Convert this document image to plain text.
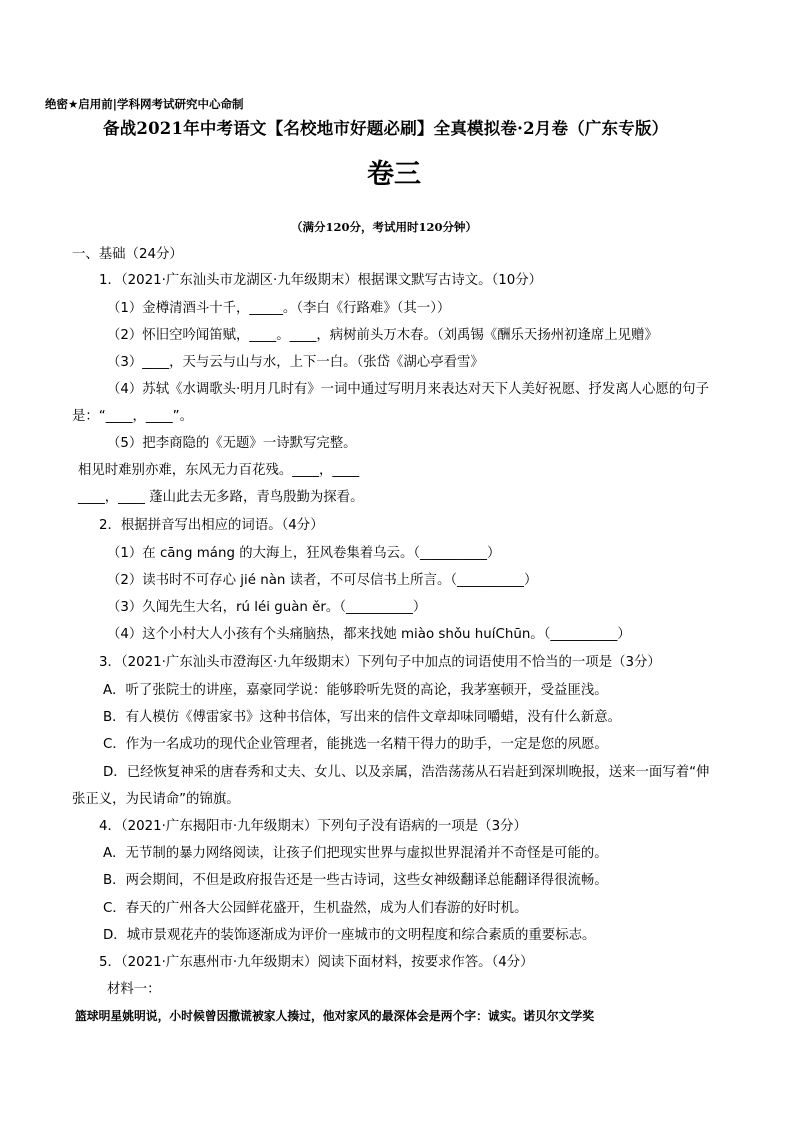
绝密★启用前|学科网考试研究中心命制
备战2021年中考语文【名校地市好题必刷】全真模拟卷·2月卷（广东专版）
卷三
（满分120分，考试用时120分钟）
一、基础（24分）
1．（2021·广东汕头市龙湖区·九年级期末）根据课文默写古诗文。（10分）
（1）金樽清酒斗十千，_____。（李白《行路难》（其一））
（2）怀旧空吟闻笛赋，____。____，病树前头万木春。（刘禹锡《酬乐天扬州初逢席上见赠》
（3）____，天与云与山与水，上下一白。（张岱《湖心亭看雪》
（4）苏轼《水调歌头·明月几时有》一词中通过写明月来表达对天下人美好祝愿、抒发离人心愿的句子
是：“____，____”。
（5）把李商隐的《无题》一诗默写完整。
相见时难别亦难，东风无力百花残。____，____
____，____ 蓬山此去无多路，青鸟殷勤为探看。
2．根据拼音写出相应的词语。（4分）
（1）在 cāng máng 的大海上，狂风卷集着乌云。（__________）
（2）读书时不可存心 jié nàn 读者，不可尽信书上所言。（__________）
（3）久闻先生大名，rú léi guàn ěr。（__________）
（4）这个小村大人小孩有个头痛脑热，都来找她 miào shǒu huíChūn。（__________）
3．（2021·广东汕头市澄海区·九年级期末）下列句子中加点的词语使用不恰当的一项是（3分）
A．听了张院士的讲座，嘉豪同学说：能够聆听先贤的高论，我茅塞顿开，受益匪浅。
B．有人模仿《傅雷家书》这种书信体，写出来的信件文章却味同嚼蜡，没有什么新意。
C．作为一名成功的现代企业管理者，能挑选一名精干得力的助手，一定是您的夙愿。
D．已经恢复神采的唐春秀和丈夫、女儿、以及亲属，浩浩荡荡从石岩赶到深圳晚报，送来一面写着“伸
张正义，为民请命”的锦旗。
4．（2021·广东揭阳市·九年级期末）下列句子没有语病的一项是（3分）
A．无节制的暴力网络阅读，让孩子们把现实世界与虚拟世界混淆并不奇怪是可能的。
B．两会期间，不但是政府报告还是一些古诗词，这些女神级翻译总能翻译得很流畅。
C．春天的广州各大公园鲜花盛开，生机盎然，成为人们春游的好时机。
D．城市景观花卉的装饰逐渐成为评价一座城市的文明程度和综合素质的重要标志。
5．（2021·广东惠州市·九年级期末）阅读下面材料，按要求作答。（4分）
材料一：
篮球明星姚明说，小时候曾因撒谎被家人揍过，他对家风的最深体会是两个字：诚实。诺贝尔文学奖
